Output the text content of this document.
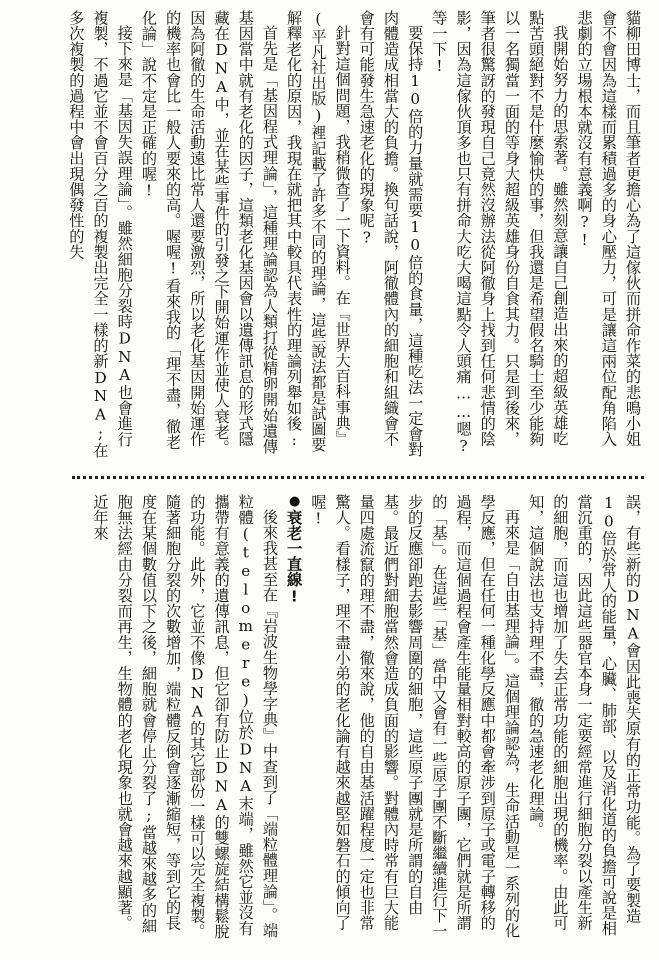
貓柳田博士，而且筆者更擔心為了這傢伙而拼命作菜的悲鳴小姐會不會因為這樣而累積過多的身心壓力，可是讓這兩位配角陷入悲劇的立場根本就沒有意義啊?!

我開始努力的思索著。雖然刻意讓自己創造出來的超級英雄吃點苦頭絕對不是什麼愉快的事，但我還是希望假名騎士至少能夠以一名獨當一面的等身大超級英雄身份自食其力。只是到後來，筆者很驚訝的發現自己竟然沒辦法從阿徹身上找到任何悲情的陰影，因為這傢伙頂多也只有拼命大吃大喝這點令人頭痛……嗯?等一下!

要保持10倍的力量就需要10倍的食量，這種吃法一定會對肉體造成相當大的負擔。換句話說，阿徹體內的細胞和組織會不會有可能發生急速老化的現象呢?

針對這個問題，我稍微查了一下資料。在『世界大百科事典』(平凡社出版)裡記載了許多不同的理論，這些說法都是試圖要解釋老化的原因，我現在就把其中較具代表性的理論列舉如後:

首先是「基因程式理論」，這種理論認為人類打從精卵開始遺傳基因當中就有老化的因子，這類老化基因會以遺傳訊息的形式隱藏在DNA中，並在某些事件的引發之下開始運作並使人衰老。因為阿徹的生命活動遠比常人還要激烈，所以老化基因開始運作的機率也會比一般人要來的高。喔喔!看來我的「理不盡，徹老化論」說不定是正確的喔!

接下來是「基因失誤理論」。雖然細胞分裂時DNA也會進行複製，不過它並不會百分之百的複製出完全一樣的新DNA;在多次複製的過程中會出現偶發性的失

誤，有些新的DNA會因此喪失原有的正常功能。為了要製造10倍於常人的能量，心臟、肺部、以及消化道的負擔可說是相當沉重的，因此這些器官本身一定要經常進行細胞分裂以產生新的細胞，而這也增加了失去正常功能的細胞出現的機率。由此可知，這個說法也支持理不盡，徹的急速老化理論。

再來是「自由基理論」。這個理論認為，生命活動是一系列的化學反應，但在任何一種化學反應中都會牽涉到原子或電子轉移的過程，而這個過程會產生能量相對較高的原子團，它們就是所謂的「基」。在這些「基」當中又會有一些原子團不斷繼續進行下一步的反應卻跑去影響周圍的細胞，這些原子團就是所謂的自由基。最近們對細胞當然會造成負面的影響。對體內時常有巨大能量四處流竄的理不盡，徹來說，他的自由基活躍程度一定也非常驚人。看樣子，理不盡小弟的老化論有越來越堅如磐石的傾向了喔!

●衰老一直線!

後來我甚至在『岩波生物學字典』中查到了「端粒體理論」。端粒體(telomere)位於DNA末端，雖然它並沒有攜帶有意義的遺傳訊息，但它卻有防止DNA的雙螺旋結構鬆脫的功能。此外，它並不像DNA的其它部份一樣可以完全複製。隨著細胞分裂的次數增加，端粒體反倒會逐漸縮短，等到它的長度在某個數值以下之後，細胞就會停止分裂了;當越來越多的細胞無法經由分裂而再生，生物體的老化現象也就會越來越顯著。近年來
